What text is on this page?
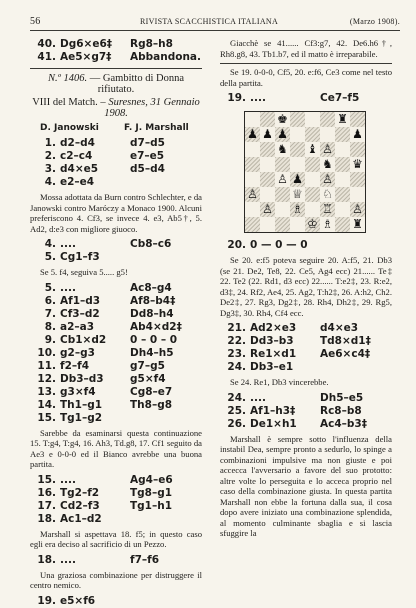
56	RIVISTA SCACCHISTICA ITALIANA	(Marzo 1908).
40. Dg6×e6‡ Rg8–h8
41. Ae5×g7‡ Abbandona.
N.º 1406. — Gambitto di Donna rifiutato.
VIII del Match. – Suresnes, 31 Gennaio 1908.
D. Janowski	F. J. Marshall
1. d2–d4	d7–d5
2. c2–c4	e7–e5
3. d4×e5	d5–d4
4. e2–e4

Mossa adottata da Burn contro Schlechter, e da Janowski contro Maróczy a Monaco 1900. Alcuni preferiscono 4. Cf3, se invece 4. e3, Ab5†, 5. Ad2, d:e3 con migliore giuoco.

4. ....	Cb8–c6
5. Cg1–f3

Se 5. f4, seguiva 5..... g5!

5. ....	Ac8–g4
6. Af1–d3	Af8–b4‡
7. Cf3–d2	Dd8–h4
8. a2–a3	Ab4×d2‡
9. Cb1×d2 0 – 0 – 0
10. g2–g3	Dh4–h5
11. f2–f4	g7–g5
12. Db3–d3	g5×f4
13. g3×f4	Cg8–e7
14. Th1–g1	Th8–g8
15. Tg1–g2

Sarebbe da esaminarsi questa continuazione 15. T:g4, T:g4, 16. Ah3, Td.g8, 17. Cf1 seguito da Ae3 e 0-0-0 ed il Bianco avrebbe una buona partita.

15. ....	Ag4–e6
16. Tg2–f2	Tg8–g1
17. Cd2–f3	Tg1–h1
18. Ac1–d2

Marshall si aspettava 18. f5; in questo caso egli era deciso al sacrificio di un Pezzo.

18. ....	f7–f6

Una graziosa combinazione per distruggere il centro nemico.

19. e5×f6

Giacchè se 41...... Cf3:g7, 42. De6.h6†, Rh8.g8, 43. Tb1.b7, ed il matto è irreparabile.

Se 19. 0-0-0, Cf5, 20. e:f6, Ce3 come nel testo della partita.

19. ....	Ce7–f5
♚	♜
♟ ♟ ♟	♟
♝ ♙
♞
♞ ♛
♙ ♟ ♙
♙	♕ ♘
♙ ♗ ♖ ♙
♔ ♗ ♜
20. 0 — 0 — 0

Se 20. e:f5 poteva seguire 20. A:f5, 21. Db3 (se 21. De2, Te8, 22. Ce5, Ag4 ecc) 21...... Te‡ 22. Te2 (22. Rd1, d3 ecc) 22...... T:e2‡, 23. R:e2, d3‡, 24. Rf2, Ae4, 25. Ag2, T:h2‡, 26. A:h2, Ch2. De2‡, 27. Rg3, Dg2‡, 28. Rh4, Dh2‡, 29. Rg5, Dg3‡, 30. Rh4, Cf4 ecc.

21. Ad2×e3 d4×e3
22. Dd3–b3	Td8×d1‡
23. Re1×d1 Ae6×c4‡
24. Db3–e1

Se 24. Re1, Db3 vincerebbe.

24. ....	Dh5–e5
25. Af1–h3‡ Rc8–b8
26. De1×h1 Ac4–b3‡

Marshall è sempre sotto l'influenza della instabil Dea, sempre pronto a sedurlo, lo spinge a combinazioni impulsive ma non giuste e poi accecca l'avversario a favore del suo prototto: altre volte lo perseguita e lo acceca proprio nel caso della combinazione giusta. In questa partita Marshall non ebbe la fortuna dalla sua, il cosa dopo avere iniziato una combinazione splendida, al momento culminante sbaglia e si lascia sfuggire la
